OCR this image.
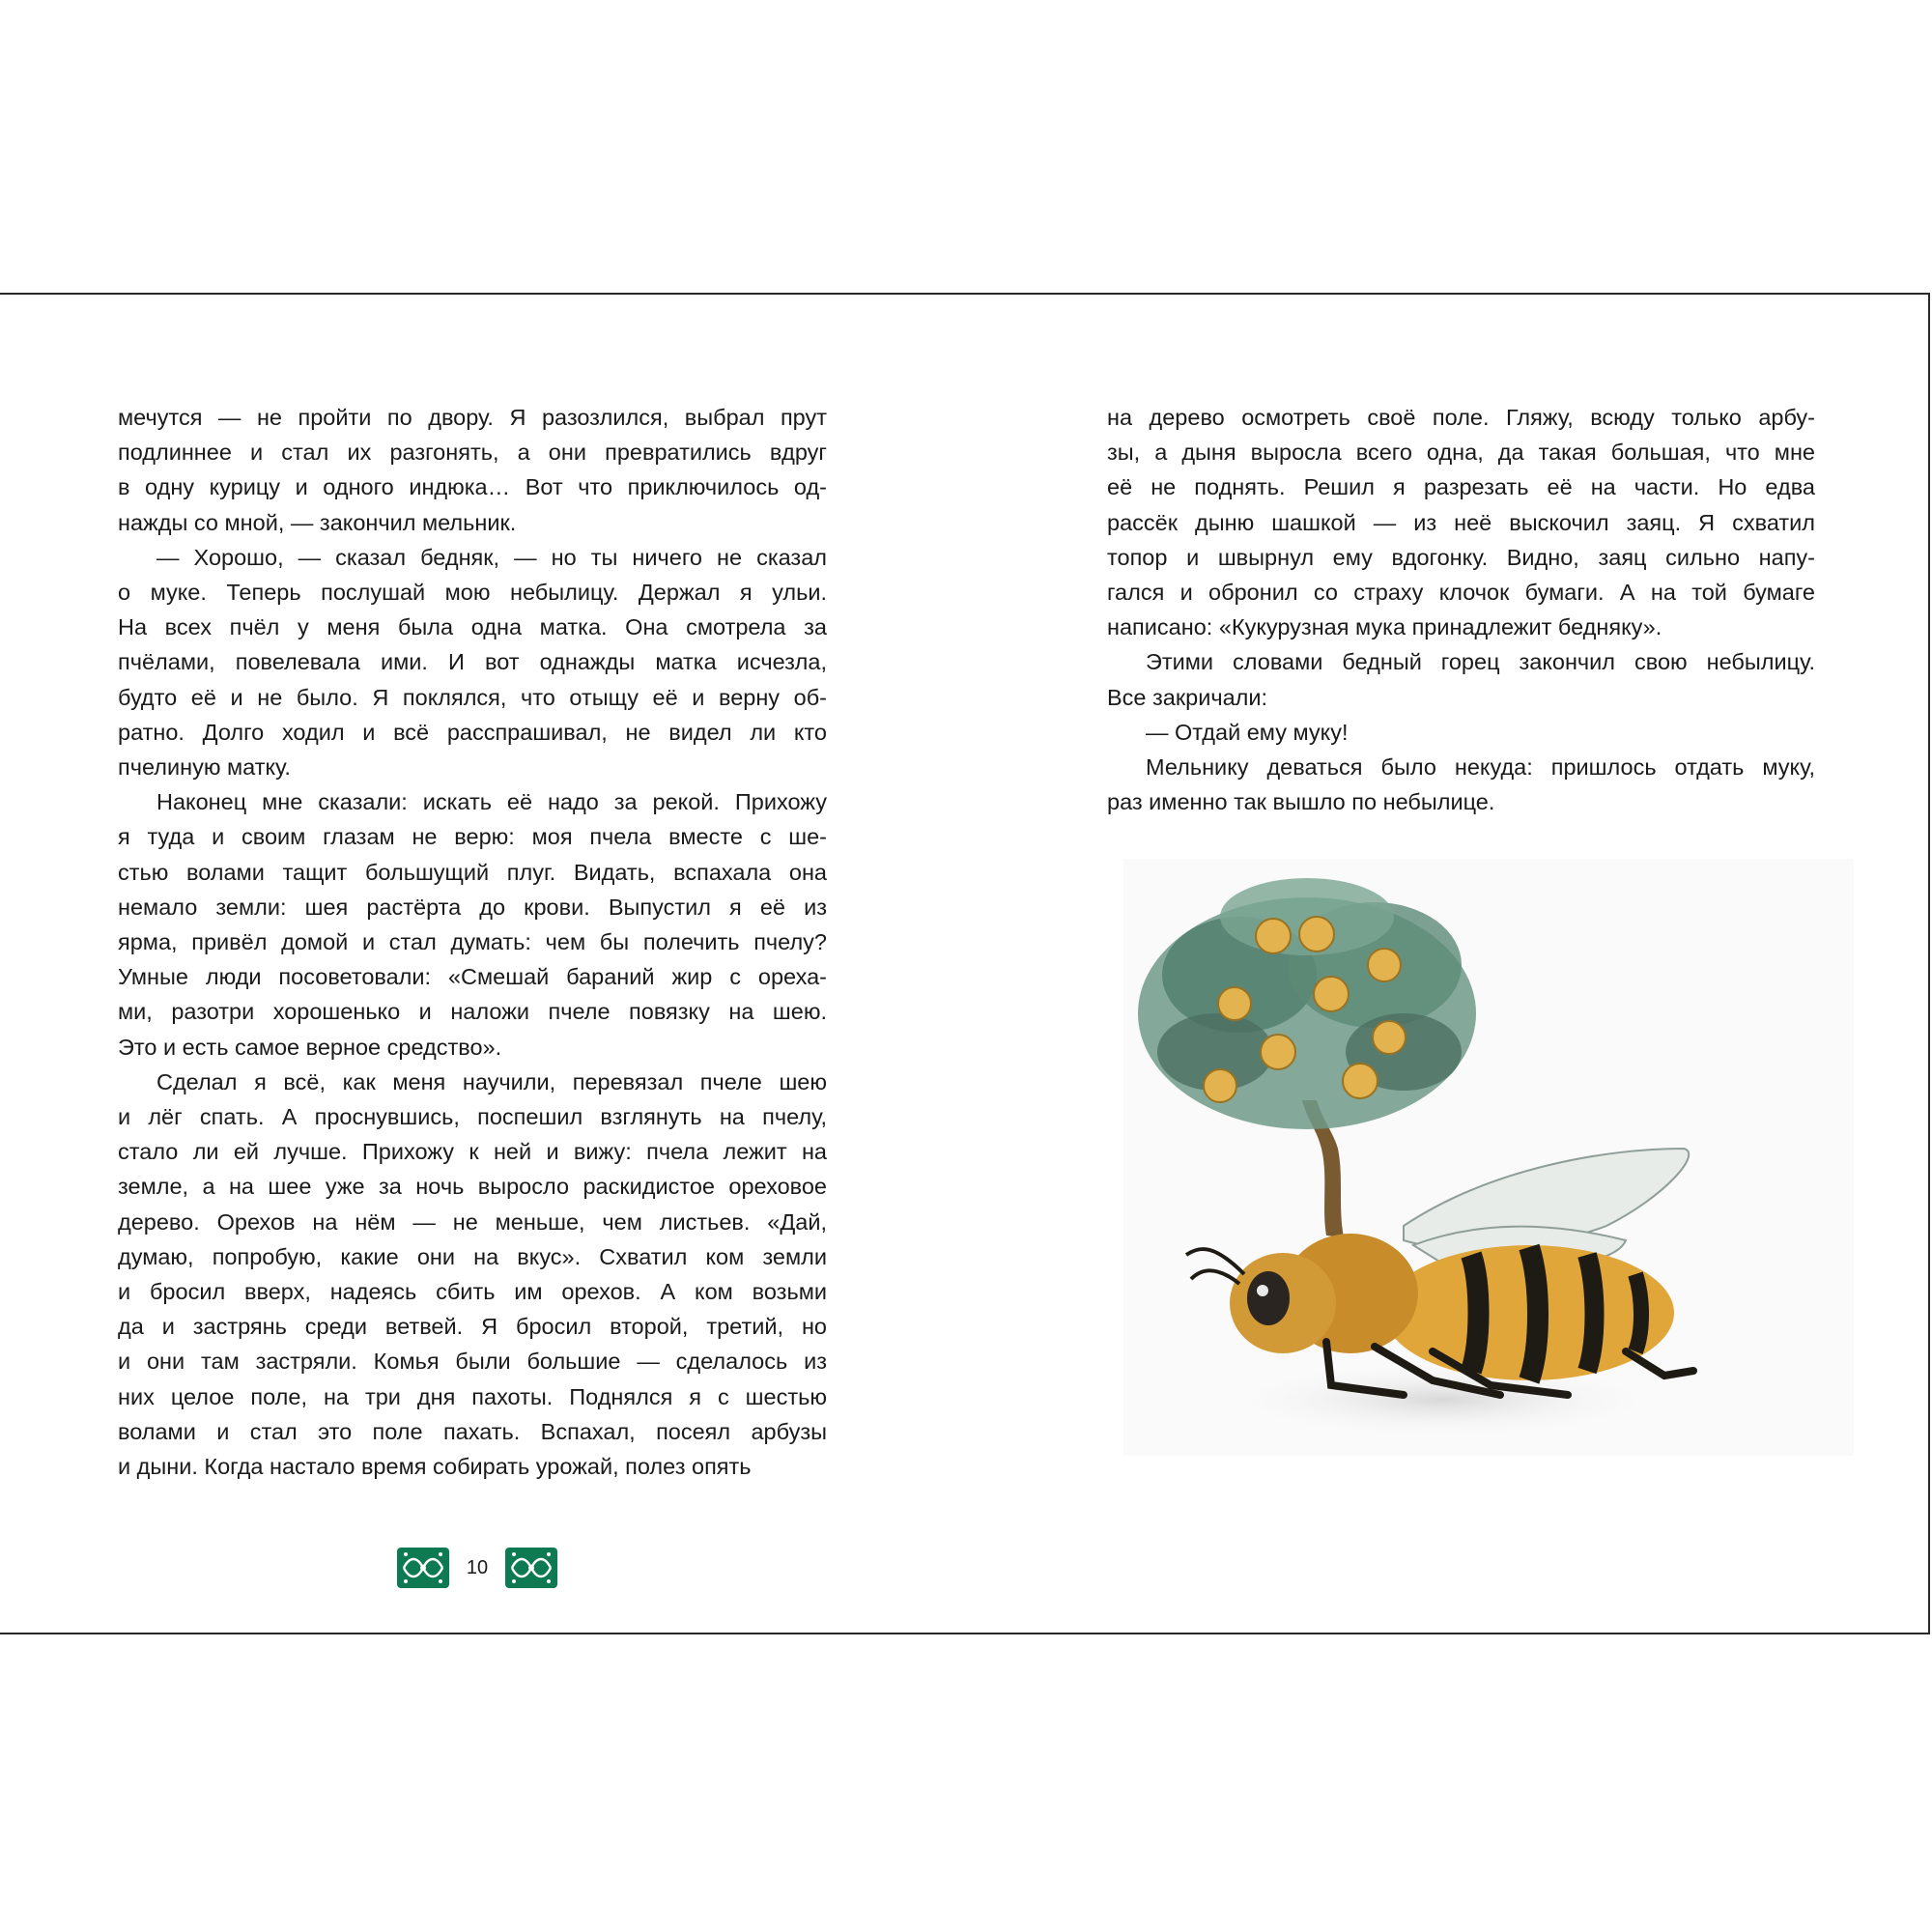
мечутся — не пройти по двору. Я разозлился, выбрал прут
подлиннее и стал их разгонять, а они превратились вдруг
в одну курицу и одного индюка… Вот что приключилось од-
нажды со мной, — закончил мельник.

— Хорошо, — сказал бедняк, — но ты ничего не сказал
о муке. Теперь послушай мою небылицу. Держал я ульи.
На всех пчёл у меня была одна матка. Она смотрела за
пчёлами, повелевала ими. И вот однажды матка исчезла,
будто её и не было. Я поклялся, что отыщу её и верну об-
ратно. Долго ходил и всё расспрашивал, не видел ли кто
пчелиную матку.

Наконец мне сказали: искать её надо за рекой. Прихожу
я туда и своим глазам не верю: моя пчела вместе с ше-
стью волами тащит большущий плуг. Видать, вспахала она
немало земли: шея растёрта до крови. Выпустил я её из
ярма, привёл домой и стал думать: чем бы полечить пчелу?
Умные люди посоветовали: «Смешай бараний жир с ореха-
ми, разотри хорошенько и наложи пчеле повязку на шею.
Это и есть самое верное средство».

Сделал я всё, как меня научили, перевязал пчеле шею
и лёг спать. А проснувшись, поспешил взглянуть на пчелу,
стало ли ей лучше. Прихожу к ней и вижу: пчела лежит на
земле, а на шее уже за ночь выросло раскидистое ореховое
дерево. Орехов на нём — не меньше, чем листьев. «Дай,
думаю, попробую, какие они на вкус». Схватил ком земли
и бросил вверх, надеясь сбить им орехов. А ком возьми
да и застрянь среди ветвей. Я бросил второй, третий, но
и они там застряли. Комья были большие — сделалось из
них целое поле, на три дня пахоты. Поднялся я с шестью
волами и стал это поле пахать. Вспахал, посеял арбузы
и дыни. Когда настало время собирать урожай, полез опять

на дерево осмотреть своё поле. Гляжу, всюду только арбу-
зы, а дыня выросла всего одна, да такая большая, что мне
её не поднять. Решил я разрезать её на части. Но едва
рассёк дыню шашкой — из неё выскочил заяц. Я схватил
топор и швырнул ему вдогонку. Видно, заяц сильно напу-
гался и обронил со страху клочок бумаги. А на той бумаге
написано: «Кукурузная мука принадлежит бедняку».

Этими словами бедный горец закончил свою небылицу.
Все закричали:

— Отдай ему муку!

Мельнику деваться было некуда: пришлось отдать муку,
раз именно так вышло по небылице.

10
